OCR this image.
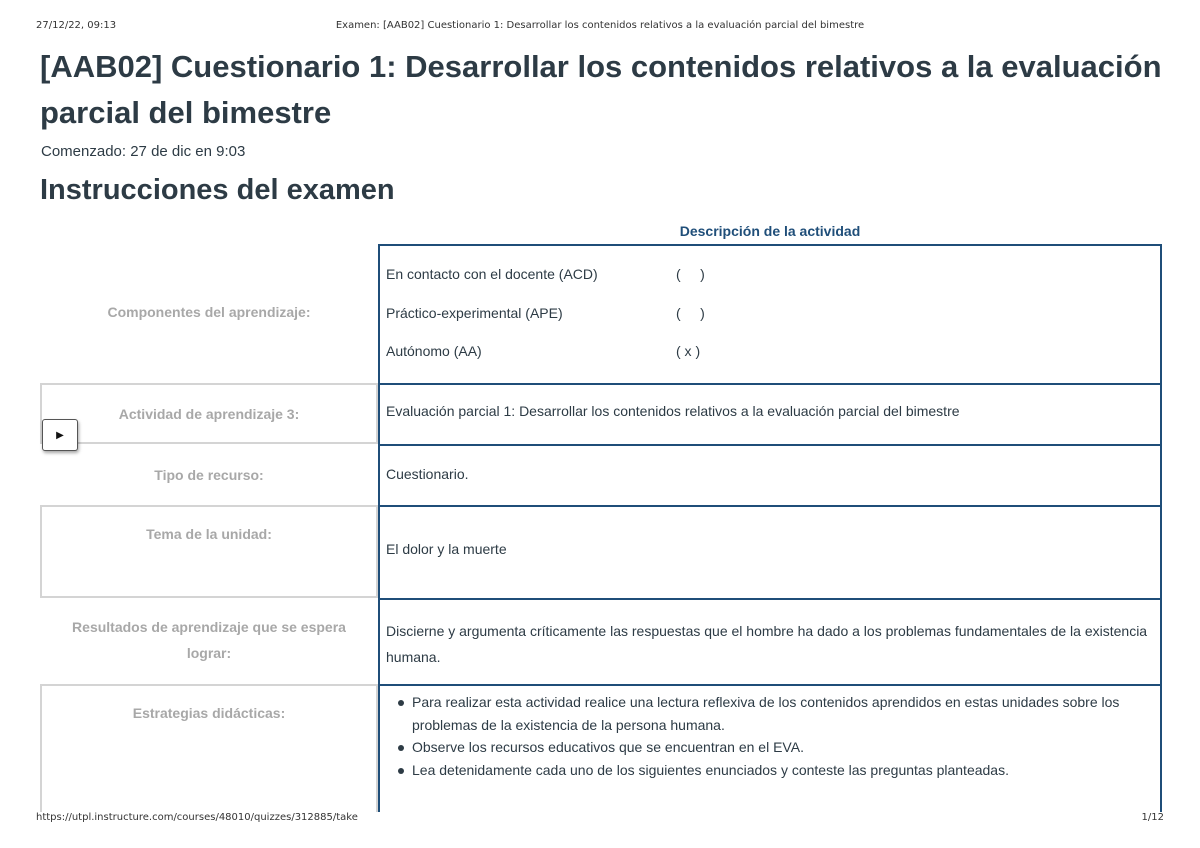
27/12/22, 09:13	Examen: [AAB02] Cuestionario 1: Desarrollar los contenidos relativos a la evaluación parcial del bimestre
[AAB02] Cuestionario 1: Desarrollar los contenidos relativos a la evaluación parcial del bimestre
Comenzado: 27 de dic en 9:03
Instrucciones del examen
Descripción de la actividad
Componentes del aprendizaje:
En contacto con el docente (ACD)	(     )
Práctico-experimental (APE)	(     )
Autónomo (AA)	( x )
Actividad de aprendizaje 3:	Evaluación parcial 1: Desarrollar los contenidos relativos a la evaluación parcial del bimestre
Tipo de recurso:	Cuestionario.
Tema de la unidad:
El dolor y la muerte
Resultados de aprendizaje que se espera lograr:
Discierne y argumenta críticamente las respuestas que el hombre ha dado a los problemas fundamentales de la existencia humana.
Estrategias didácticas:
Para realizar esta actividad realice una lectura reflexiva de los contenidos aprendidos en estas unidades sobre los problemas de la existencia de la persona humana.
Observe los recursos educativos que se encuentran en el EVA.
Lea detenidamente cada uno de los siguientes enunciados y conteste las preguntas planteadas.
▶
https://utpl.instructure.com/courses/48010/quizzes/312885/take	1/12
